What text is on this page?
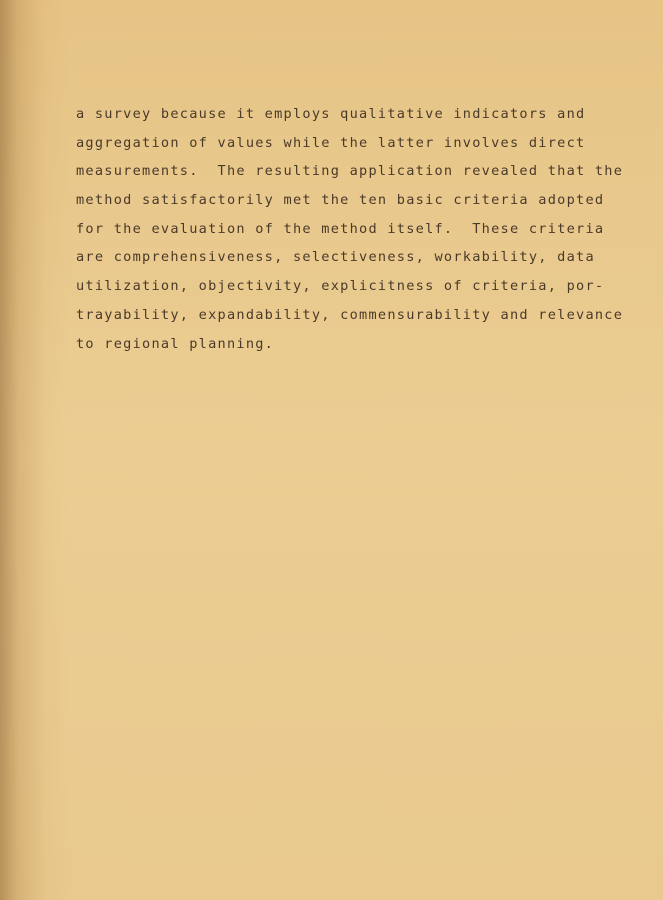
a survey because it employs qualitative indicators and
aggregation of values while the latter involves direct
measurements.  The resulting application revealed that the
method satisfactorily met the ten basic criteria adopted
for the evaluation of the method itself.  These criteria
are comprehensiveness, selectiveness, workability, data
utilization, objectivity, explicitness of criteria, por-
trayability, expandability, commensurability and relevance
to regional planning.
